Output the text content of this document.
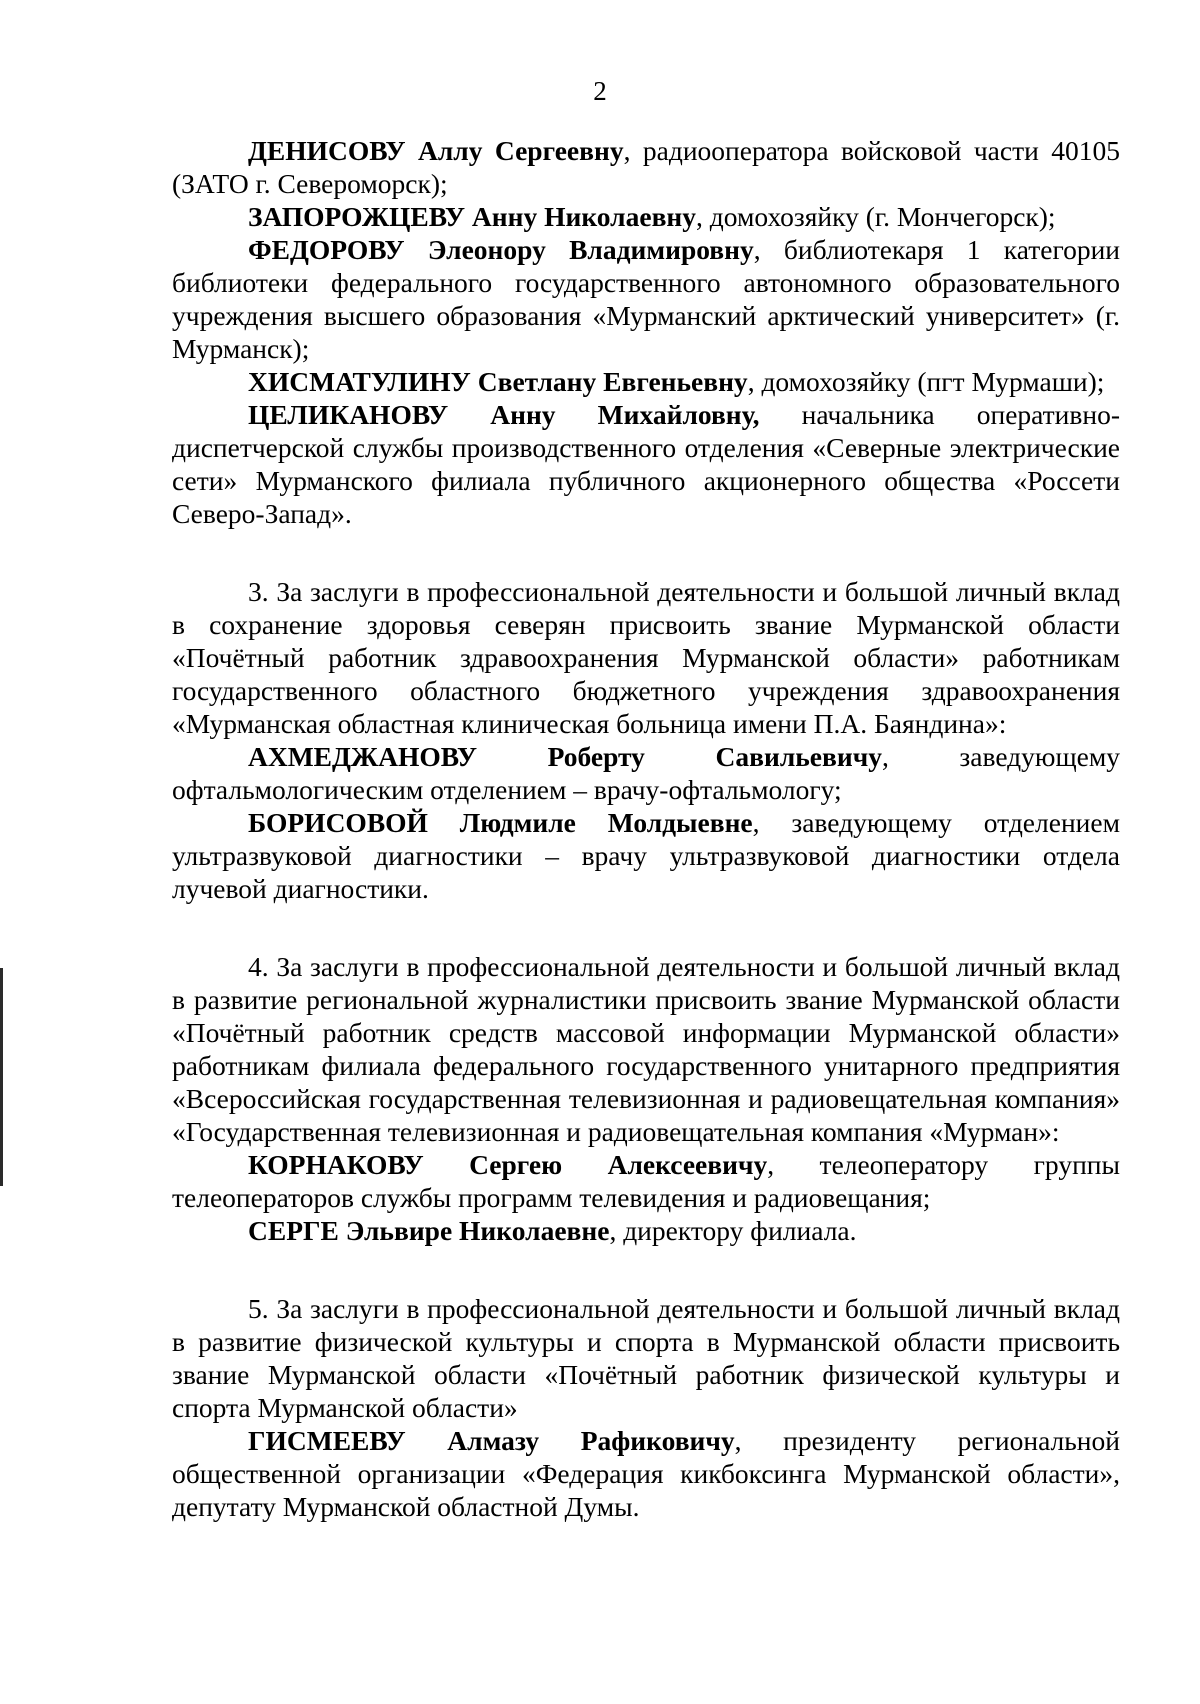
2

ДЕНИСОВУ Аллу Сергеевну, радиооператора войсковой части 40105 (ЗАТО г. Североморск);

ЗАПОРОЖЦЕВУ Анну Николаевну, домохозяйку (г. Мончегорск);

ФЕДОРОВУ Элеонору Владимировну, библиотекаря 1 категории библиотеки федерального государственного автономного образовательного учреждения высшего образования «Мурманский арктический университет» (г. Мурманск);

ХИСМАТУЛИНУ Светлану Евгеньевну, домохозяйку (пгт Мурмаши);

ЦЕЛИКАНОВУ Анну Михайловну, начальника оперативно-диспетчерской службы производственного отделения «Северные электрические сети» Мурманского филиала публичного акционерного общества «Россети Северо-Запад».

3. За заслуги в профессиональной деятельности и большой личный вклад в сохранение здоровья северян присвоить звание Мурманской области «Почётный работник здравоохранения Мурманской области» работникам государственного областного бюджетного учреждения здравоохранения «Мурманская областная клиническая больница имени П.А. Баяндина»:

АХМЕДЖАНОВУ Роберту Савильевичу, заведующему офтальмологическим отделением – врачу-офтальмологу;

БОРИСОВОЙ Людмиле Молдыевне, заведующему отделением ультразвуковой диагностики – врачу ультразвуковой диагностики отдела лучевой диагностики.

4. За заслуги в профессиональной деятельности и большой личный вклад в развитие региональной журналистики присвоить звание Мурманской области «Почётный работник средств массовой информации Мурманской области» работникам филиала федерального государственного унитарного предприятия «Всероссийская государственная телевизионная и радиовещательная компания» «Государственная телевизионная и радиовещательная компания «Мурман»:

КОРНАКОВУ Сергею Алексеевичу, телеоператору группы телеоператоров службы программ телевидения и радиовещания;

СЕРГЕ Эльвире Николаевне, директору филиала.

5. За заслуги в профессиональной деятельности и большой личный вклад в развитие физической культуры и спорта в Мурманской области присвоить звание Мурманской области «Почётный работник физической культуры и спорта Мурманской области»

ГИСМЕЕВУ Алмазу Рафиковичу, президенту региональной общественной организации «Федерация кикбоксинга Мурманской области», депутату Мурманской областной Думы.
